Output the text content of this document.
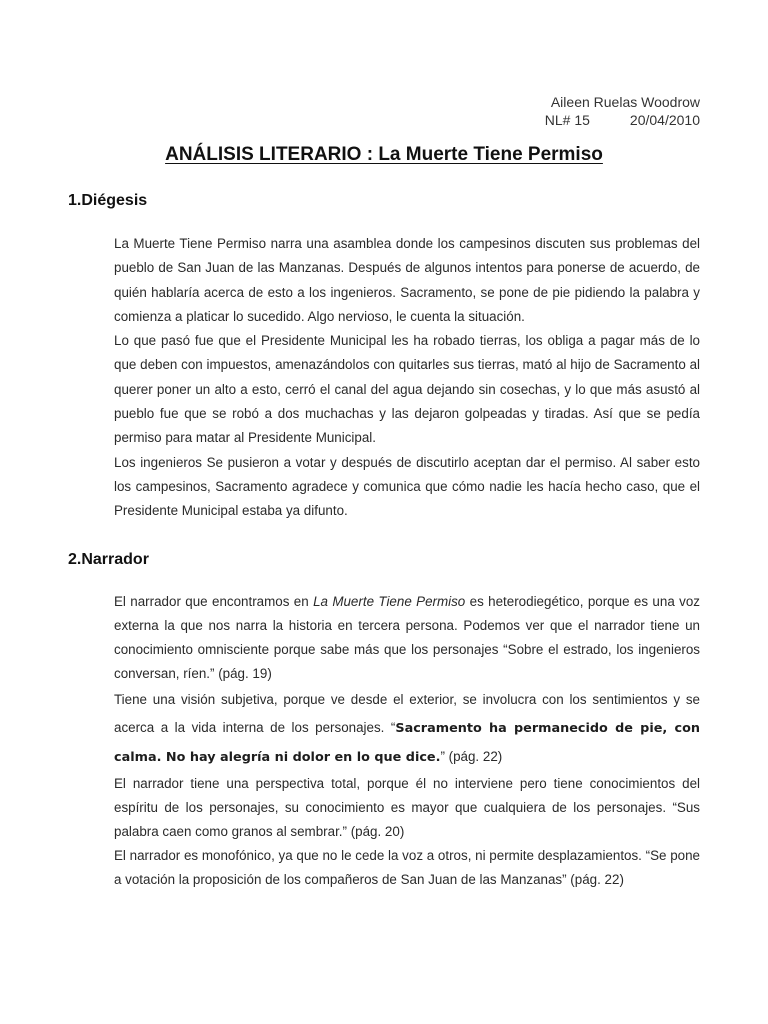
Aileen Ruelas Woodrow
NL# 15	20/04/2010
ANÁLISIS LITERARIO : La Muerte Tiene Permiso
1.Diégesis

La Muerte Tiene Permiso narra una asamblea donde los campesinos discuten sus problemas del pueblo de San Juan de las Manzanas. Después de algunos intentos para ponerse de acuerdo, de quién hablaría acerca de esto a los ingenieros. Sacramento, se pone de pie pidiendo la palabra y comienza a platicar lo sucedido. Algo nervioso, le cuenta la situación.

Lo que pasó fue que el Presidente Municipal les ha robado tierras, los obliga a pagar más de lo que deben con impuestos, amenazándolos con quitarles sus tierras, mató al hijo de Sacramento al querer poner un alto a esto, cerró el canal del agua dejando sin cosechas, y lo que más asustó al pueblo fue que se robó a dos muchachas y las dejaron golpeadas y tiradas. Así que se pedía permiso para matar al Presidente Municipal.

Los ingenieros Se pusieron a votar y después de discutirlo aceptan dar el permiso. Al saber esto los campesinos, Sacramento agradece y comunica que cómo nadie les hacía hecho caso, que el Presidente Municipal estaba ya difunto.

2.Narrador

El narrador que encontramos en La Muerte Tiene Permiso es heterodiegético, porque es una voz externa la que nos narra la historia en tercera persona. Podemos ver que el narrador tiene un conocimiento omnisciente porque sabe más que los personajes “Sobre el estrado, los ingenieros conversan, ríen.” (pág. 19)

Tiene una visión subjetiva, porque ve desde el exterior, se involucra con los sentimientos y se acerca a la vida interna de los personajes. “Sacramento ha permanecido de pie, con calma. No hay alegría ni dolor en lo que dice.” (pág. 22)

El narrador tiene una perspectiva total, porque él no interviene pero tiene conocimientos del espíritu de los personajes, su conocimiento es mayor que cualquiera de los personajes. “Sus palabra caen como granos al sembrar.” (pág. 20)

El narrador es monofónico, ya que no le cede la voz a otros, ni permite desplazamientos. “Se pone a votación la proposición de los compañeros de San Juan de las Manzanas” (pág. 22)
